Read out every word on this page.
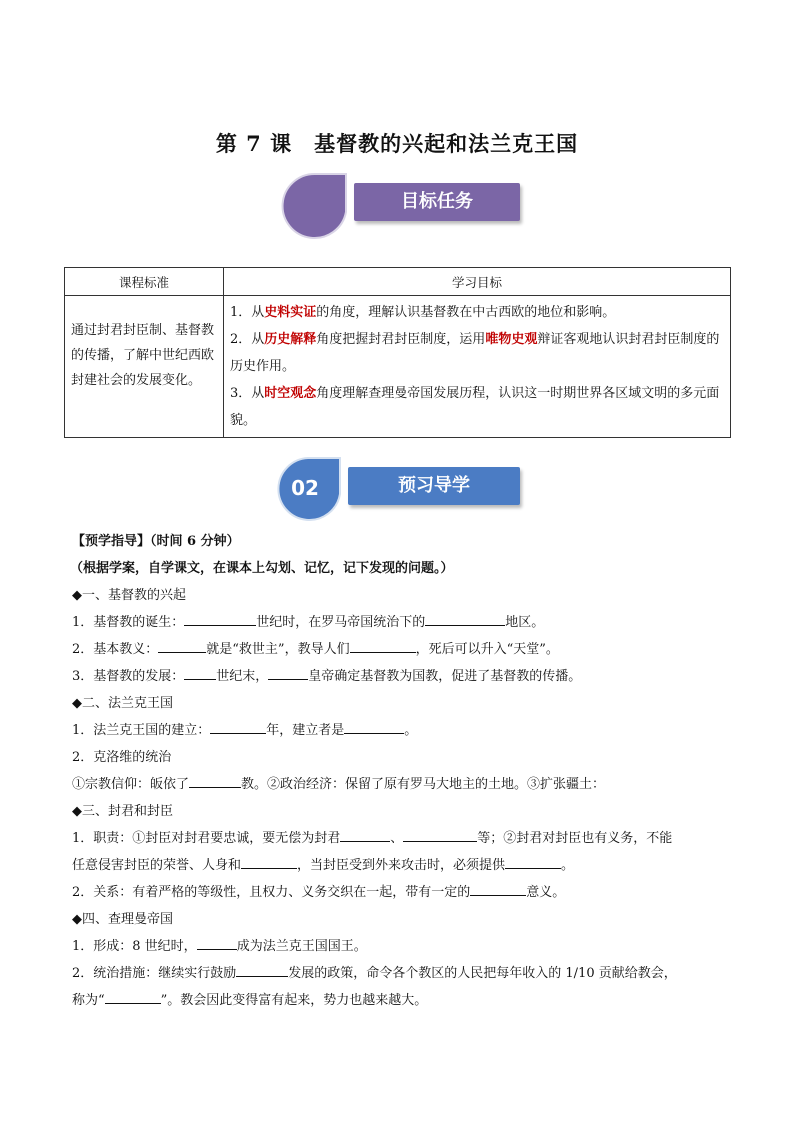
第 7 课　基督教的兴起和法兰克王国
目标任务
课程标准	学习目标
通过封君封臣制、基督教的传播，了解中世纪西欧封建社会的发展变化。	1．从史料实证的角度，理解认识基督教在中古西欧的地位和影响。
2．从历史解释角度把握封君封臣制度，运用唯物史观辩证客观地认识封君封臣制度的历史作用。
3．从时空观念角度理解查理曼帝国发展历程，认识这一时期世界各区域文明的多元面貌。
02	预习导学
【预学指导】（时间 6 分钟）
（根据学案，自学课文，在课本上勾划、记忆，记下发现的问题。）
◆一、基督教的兴起
1．基督教的诞生：	世纪时，在罗马帝国统治下的	地区。
2．基本教义：	就是“救世主”，教导人们	，死后可以升入“天堂”。
3．基督教的发展： 世纪末，	皇帝确定基督教为国教，促进了基督教的传播。
◆二、法兰克王国
1．法兰克王国的建立：	年，建立者是	。
2．克洛维的统治
①宗教信仰：皈依了	教。②政治经济：保留了原有罗马大地主的土地。③扩张疆土：
◆三、封君和封臣
1．职责：①封臣对封君要忠诚，要无偿为封君	、	等；②封君对封臣也有义务，不能
任意侵害封臣的荣誉、人身和	，当封臣受到外来攻击时，必须提供	。
2．关系：有着严格的等级性，且权力、义务交织在一起，带有一定的	意义。
◆四、查理曼帝国
1．形成：8 世纪时，	成为法兰克王国国王。
2．统治措施：继续实行鼓励	发展的政策，命令各个教区的人民把每年收入的 1/10 贡献给教会，
称为“	”。教会因此变得富有起来，势力也越来越大。
